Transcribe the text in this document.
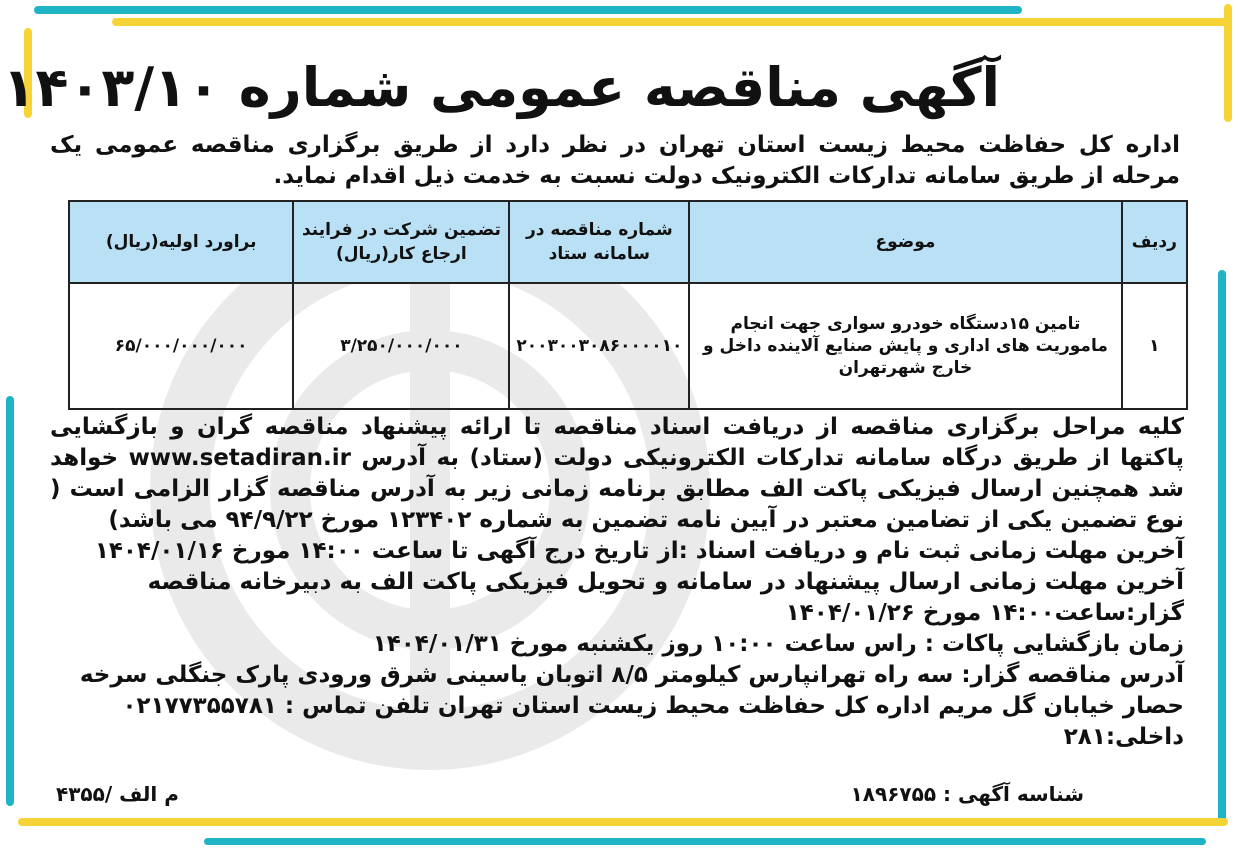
آگهی مناقصه عمومی شماره ۱۴۰۳/۱۰
اداره کل حفاظت محیط زیست استان تهران در نظر دارد از طریق برگزاری مناقصه عمومی یک مرحله از طریق سامانه تدارکات الکترونیک دولت نسبت به خدمت ذیل اقدام نماید.
ردیف	موضوع	شماره مناقصه در سامانه ستاد	تضمین شرکت در فرایند ارجاع کار(ریال)	براورد اولیه(ریال)
۱	تامین ۱۵دستگاه خودرو سواری جهت انجام ماموریت های اداری و پایش صنایع آلاینده داخل و خارج شهرتهران	۲۰۰۳۰۰۳۰۸۶۰۰۰۰۱۰	۳/۲۵۰/۰۰۰/۰۰۰	۶۵/۰۰۰/۰۰۰/۰۰۰

کلیه مراحل برگزاری مناقصه از دریافت اسناد مناقصه تا ارائه پیشنهاد مناقصه گران و بازگشایی پاکتها از طریق درگاه سامانه تدارکات الکترونیکی دولت (ستاد) به آدرس www.setadiran.ir خواهد شد همچنین ارسال فیزیکی پاکت الف مطابق برنامه زمانی زیر به آدرس مناقصه گزار الزامی است ( نوع تضمین یکی از تضامین معتبر در آیین نامه تضمین به شماره ۱۲۳۴۰۲ مورخ ۹۴/۹/۲۲ می باشد)

آخرین مهلت زمانی ثبت نام و دریافت اسناد :از تاریخ درج آگهی تا ساعت ۱۴:۰۰ مورخ ۱۴۰۴/۰۱/۱۶

آخرین مهلت زمانی ارسال پیشنهاد در سامانه و تحویل فیزیکی پاکت الف به دبیرخانه مناقصه گزار:ساعت۱۴:۰۰ مورخ ۱۴۰۴/۰۱/۲۶

زمان بازگشایی پاکات : راس ساعت ۱۰:۰۰ روز یکشنبه مورخ ۱۴۰۴/۰۱/۳۱

آدرس مناقصه گزار: سه راه تهرانپارس کیلومتر ۸/۵ اتوبان یاسینی شرق ورودی پارک جنگلی سرخه حصار خیابان گل مریم اداره کل حفاظت محیط زیست استان تهران تلفن تماس : ۰۲۱۷۷۳۵۵۷۸۱ داخلی:۲۸۱

شناسه آگهی : ۱۸۹۶۷۵۵
م الف /۴۳۵۵
